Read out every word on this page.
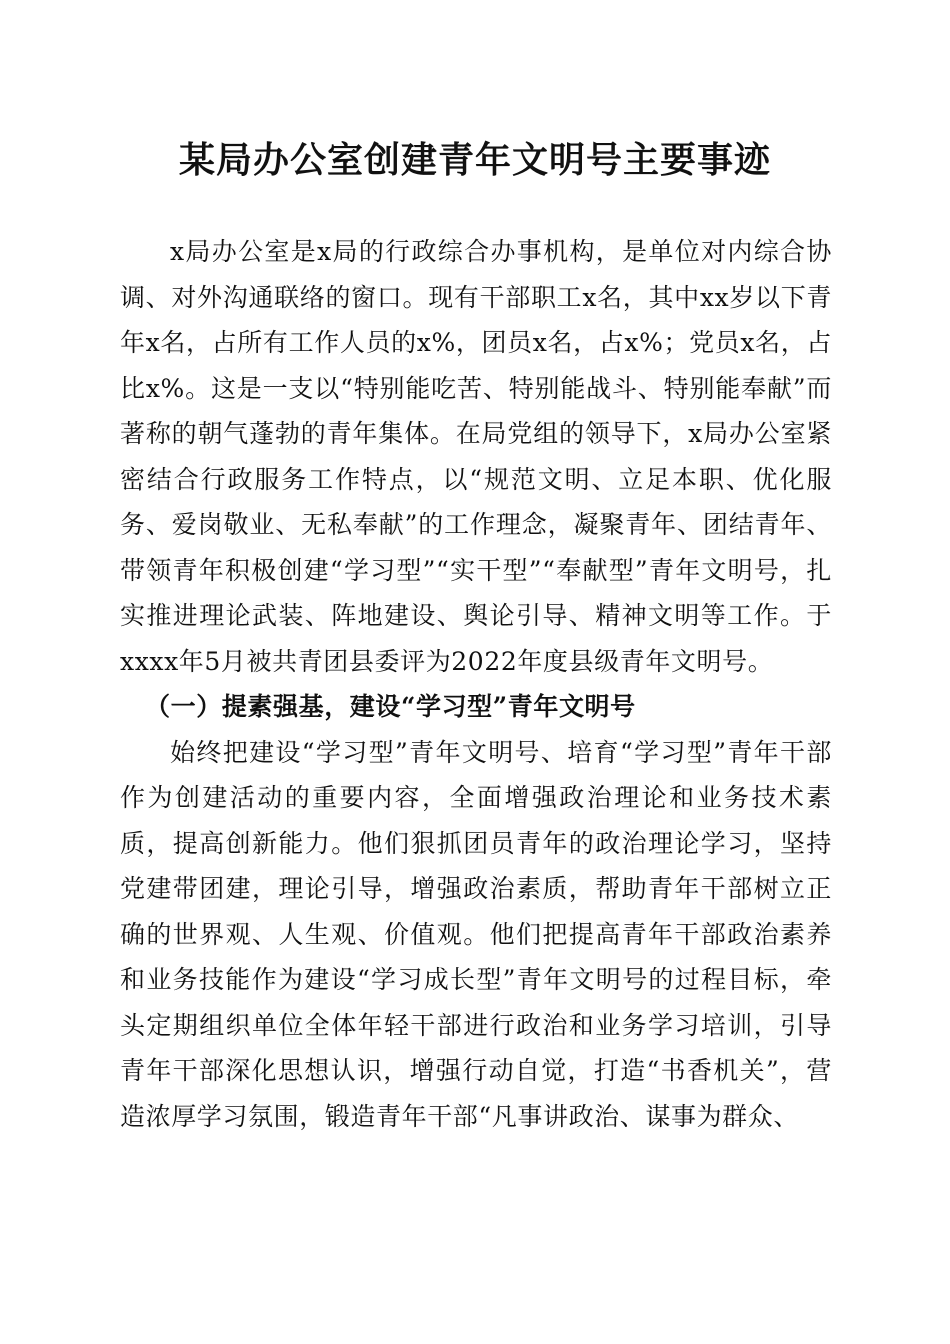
某局办公室创建青年文明号主要事迹

x局办公室是x局的行政综合办事机构，是单位对内综合协调、对外沟通联络的窗口。现有干部职工x名，其中xx岁以下青年x名，占所有工作人员的x%，团员x名，占x%；党员x名，占比x%。这是一支以“特别能吃苦、特别能战斗、特别能奉献”而著称的朝气蓬勃的青年集体。在局党组的领导下，x局办公室紧密结合行政服务工作特点，以“规范文明、立足本职、优化服务、爱岗敬业、无私奉献”的工作理念，凝聚青年、团结青年、带领青年积极创建“学习型”“实干型”“奉献型”青年文明号，扎实推进理论武装、阵地建设、舆论引导、精神文明等工作。于xxxx年5月被共青团县委评为2022年度县级青年文明号。

（一）提素强基，建设“学习型”青年文明号

始终把建设“学习型”青年文明号、培育“学习型”青年干部作为创建活动的重要内容，全面增强政治理论和业务技术素质，提高创新能力。他们狠抓团员青年的政治理论学习，坚持党建带团建，理论引导，增强政治素质，帮助青年干部树立正确的世界观、人生观、价值观。他们把提高青年干部政治素养和业务技能作为建设“学习成长型”青年文明号的过程目标，牵头定期组织单位全体年轻干部进行政治和业务学习培训，引导青年干部深化思想认识，增强行动自觉，打造“书香机关”，营造浓厚学习氛围，锻造青年干部“凡事讲政治、谋事为群众、
